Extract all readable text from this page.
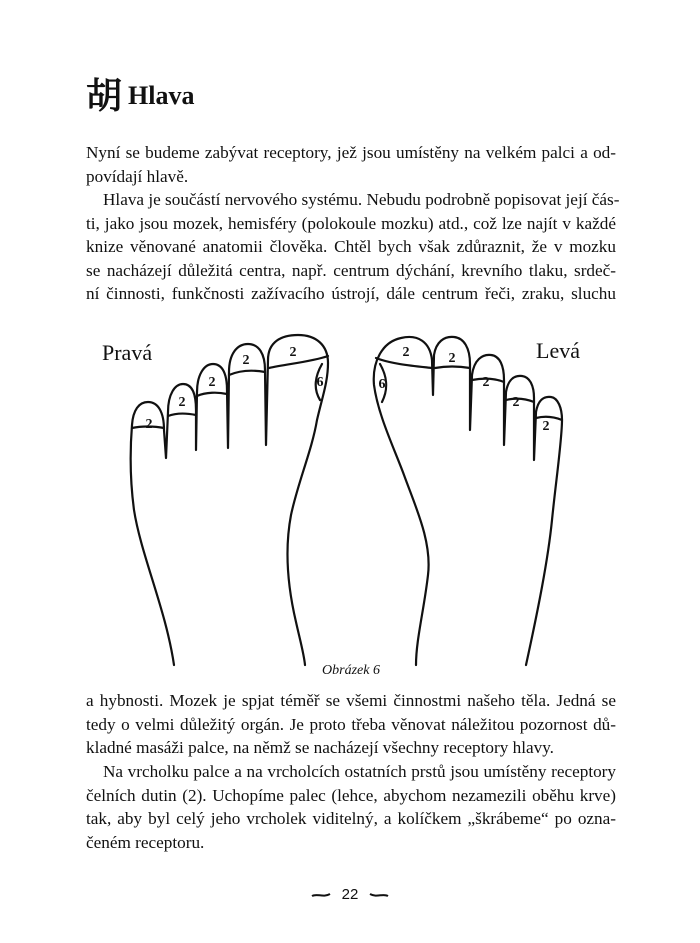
胡 Hlava
Nyní se budeme zabývat receptory, jež jsou umístěny na velkém palci a od-
povídají hlavě.
Hlava je součástí nervového systému. Nebudu podrobně popisovat její čás-
ti, jako jsou mozek, hemisféry (polokoule mozku) atd., což lze najít v každé
knize věnované anatomii člověka. Chtěl bych však zdůraznit, že v mozku
se nacházejí důležitá centra, např. centrum dýchání, krevního tlaku, srdeč-
ní činnosti, funkčnosti zažívacího ústrojí, dále centrum řeči, zraku, sluchu
2
2
2
2
2
6
2	2
2
2
2
6
Pravá	Levá
Obrázek 6
a hybnosti. Mozek je spjat téměř se všemi činnostmi našeho těla. Jedná se
tedy o velmi důležitý orgán. Je proto třeba věnovat náležitou pozornost dů-
kladné masáži palce, na němž se nacházejí všechny receptory hlavy.
Na vrcholku palce a na vrcholcích ostatních prstů jsou umístěny receptory
čelních dutin (2). Uchopíme palec (lehce, abychom nezamezili oběhu krve)
tak, aby byl celý jeho vrcholek viditelný, a kolíčkem „škrábeme“ po ozna-
čeném receptoru.
22
